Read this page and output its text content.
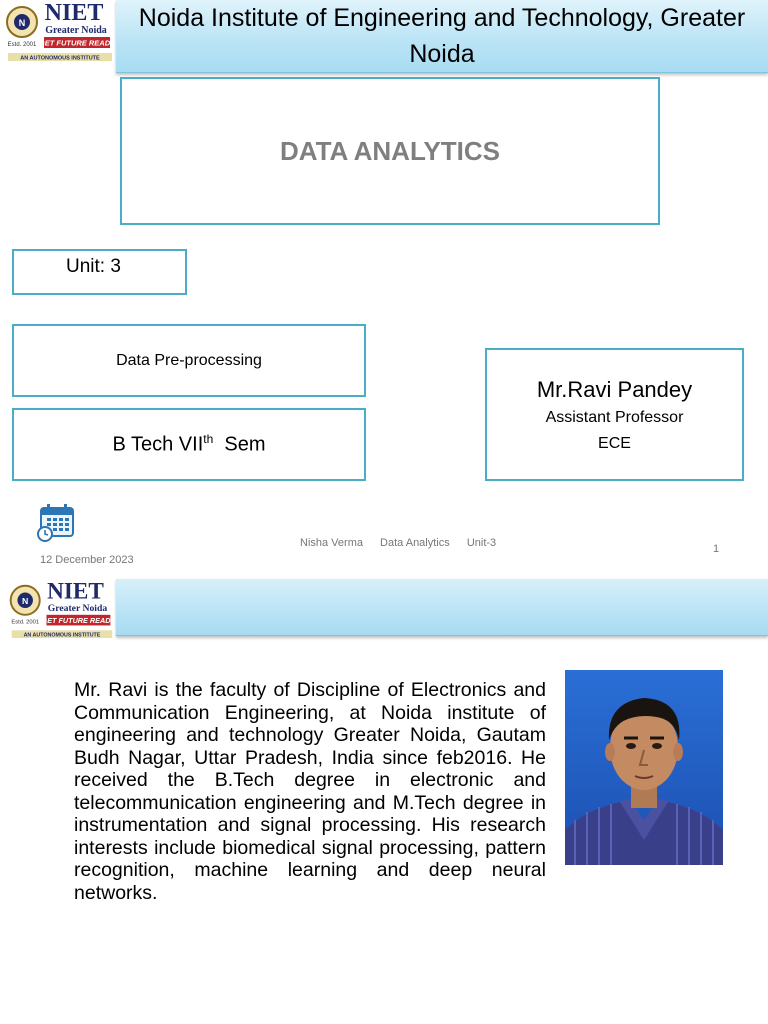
Noida Institute of Engineering and Technology, Greater Noida
N NIET
Greater Noida
GET FUTURE READY
Estd. 2001
AN AUTONOMOUS INSTITUTE
DATA ANALYTICS
Unit: 3
Data Pre-processing
B Tech VIIth  Sem
Mr.Ravi Pandey
Assistant Professor
ECE
12 December 2023
Nisha Verma Data Analytics Unit-3	1
N NIET
Greater Noida
GET FUTURE READY
Estd. 2001
AN AUTONOMOUS INSTITUTE
Mr. Ravi is the faculty of Discipline of Electronics and Communication Engineering, at Noida institute of engineering and technology Greater Noida, Gautam Budh Nagar, Uttar Pradesh, India since feb2016. He received the B.Tech degree in electronic and telecommunication engineering and M.Tech degree in instrumentation and signal processing. His research interests include biomedical signal processing, pattern recognition, machine learning and deep neural networks.
